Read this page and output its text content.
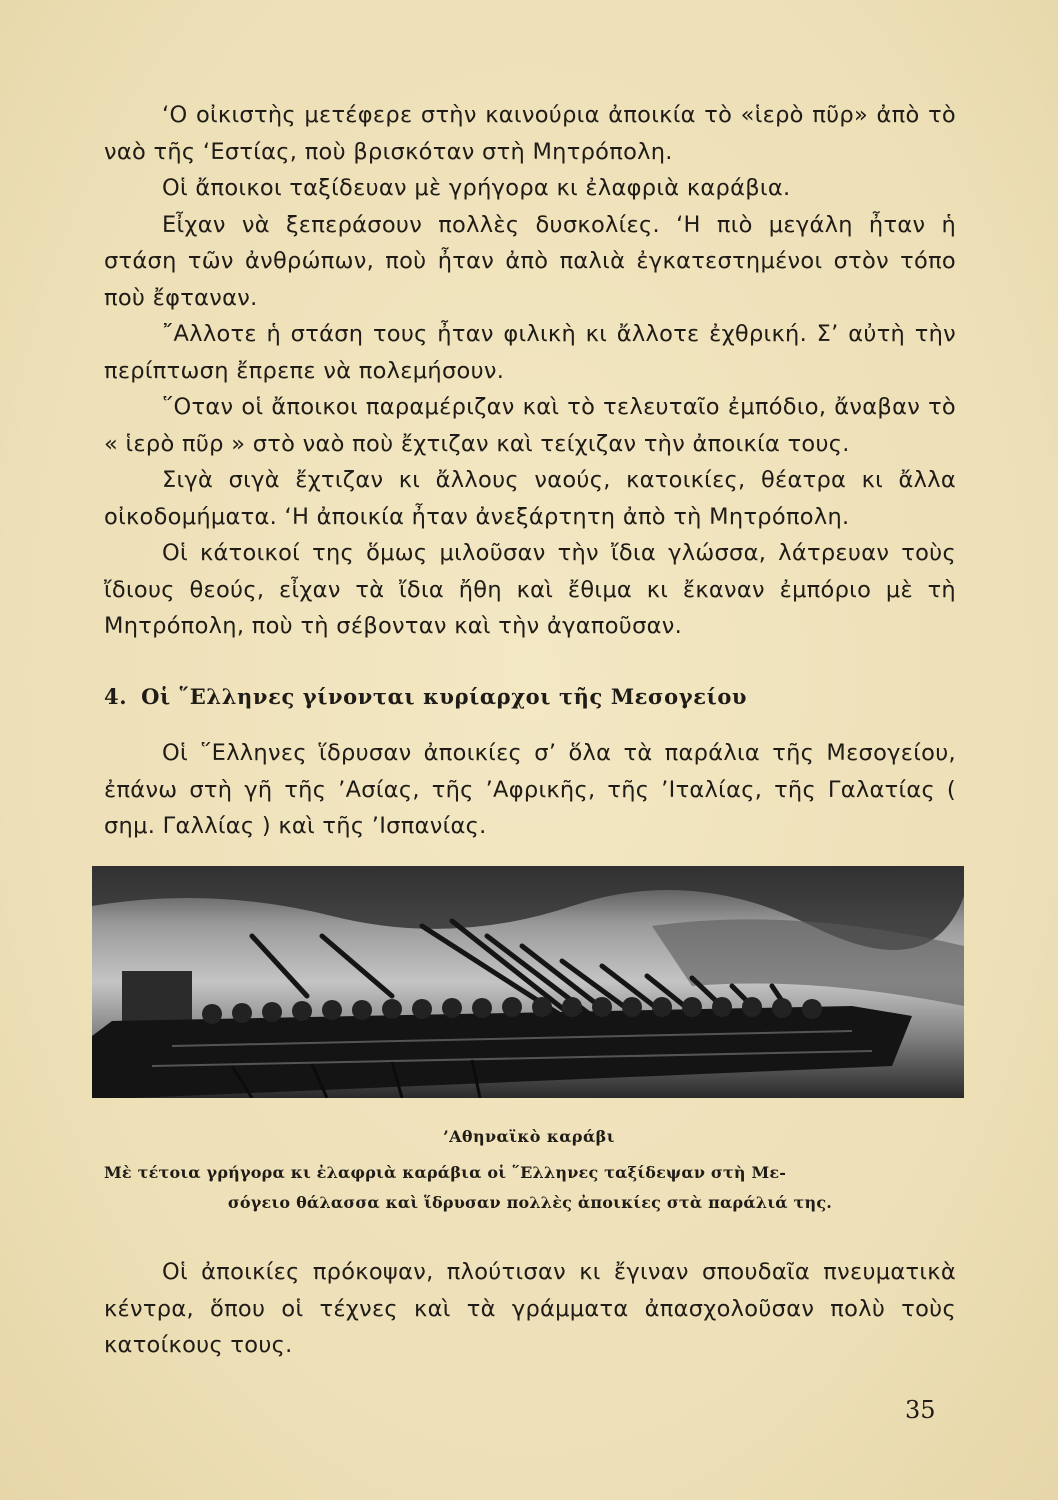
‘Ο οἰκιστὴς μετέφερε στὴν καινούρια ἀποικία τὸ «ἱερὸ πῦρ» ἀπὸ τὸ ναὸ τῆς ‘Εστίας, ποὺ βρισκόταν στὴ Μητρόπολη.

Οἱ ἄποικοι ταξίδευαν μὲ γρήγορα κι ἐλαφριὰ καράβια.

Εἶχαν νὰ ξεπεράσουν πολλὲς δυσκολίες. ‘Η πιὸ μεγάλη ἦταν ἡ στάση τῶν ἀνθρώπων, ποὺ ἦταν ἀπὸ παλιὰ ἐγκατεστημένοι στὸν τόπο ποὺ ἔφταναν.

῎Αλλοτε ἡ στάση τους ἦταν φιλικὴ κι ἄλλοτε ἐχθρική. Σ’ αὐτὴ τὴν περίπτωση ἔπρεπε νὰ πολεμήσουν.

῞Οταν οἱ ἄποικοι παραμέριζαν καὶ τὸ τελευταῖο ἐμπόδιο, ἄναβαν τὸ « ἱερὸ πῦρ » στὸ ναὸ ποὺ ἔχτιζαν καὶ τείχιζαν τὴν ἀποικία τους.

Σιγὰ σιγὰ ἔχτιζαν κι ἄλλους ναούς, κατοικίες, θέατρα κι ἄλλα οἰκοδομήματα. ‘Η ἀποικία ἦταν ἀνεξάρτητη ἀπὸ τὴ Μητρόπολη.

Οἱ κάτοικοί της ὅμως μιλοῦσαν τὴν ἴδια γλώσσα, λάτρευαν τοὺς ἴδιους θεούς, εἶχαν τὰ ἴδια ἤθη καὶ ἔθιμα κι ἔκαναν ἐμπόριο μὲ τὴ Μητρόπολη, ποὺ τὴ σέβονταν καὶ τὴν ἀγαποῦσαν.

4. Οἱ ῞Ελληνες γίνονται κυρίαρχοι τῆς Μεσογείου

Οἱ ῞Ελληνες ἵδρυσαν ἀποικίες σ’ ὅλα τὰ παράλια τῆς Μεσογείου, ἐπάνω στὴ γῆ τῆς ’Ασίας, τῆς ’Αφρικῆς, τῆς ’Ιταλίας, τῆς Γαλατίας ( σημ. Γαλλίας ) καὶ τῆς ’Ισπανίας.

’Αθηναϊκὸ καράβι
Μὲ τέτοια γρήγορα κι ἐλαφριὰ καράβια οἱ ῞Ελληνες ταξίδεψαν στὴ Με-
σόγειο θάλασσα καὶ ἵδρυσαν πολλὲς ἀποικίες στὰ παράλιά της.

Οἱ ἀποικίες πρόκοψαν, πλούτισαν κι ἔγιναν σπουδαῖα πνευματικὰ κέντρα, ὅπου οἱ τέχνες καὶ τὰ γράμματα ἀπασχολοῦσαν πολὺ τοὺς κατοίκους τους.

35
